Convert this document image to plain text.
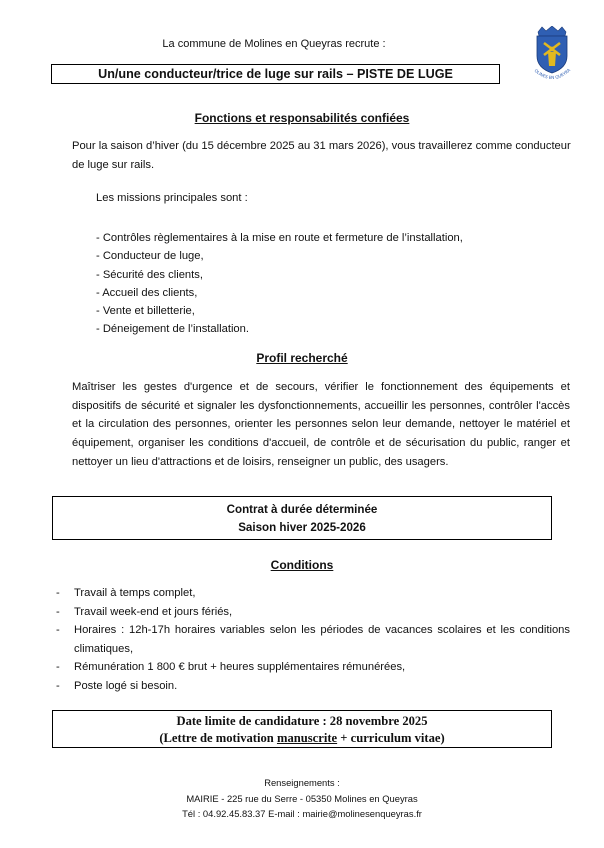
La commune de Molines en Queyras recrute :
Un/une conducteur/trice de luge sur rails – PISTE DE LUGE	OLINES EN QUEYRA
Fonctions et responsabilités confiées
Pour la saison d’hiver (du 15 décembre 2025 au 31 mars 2026), vous travaillerez comme conducteur de luge sur rails.
Les missions principales sont :
- Contrôles règlementaires à la mise en route et fermeture de l’installation,
- Conducteur de luge,
- Sécurité des clients,
- Accueil des clients,
- Vente et billetterie,
- Déneigement de l’installation.
Profil recherché
Maîtriser les gestes d'urgence et de secours, vérifier le fonctionnement des équipements et dispositifs de sécurité et signaler les dysfonctionnements, accueillir les personnes, contrôler l'accès et la circulation des personnes, orienter les personnes selon leur demande, nettoyer le matériel et équipement, organiser les conditions d'accueil, de contrôle et de sécurisation du public, ranger et nettoyer un lieu d'attractions et de loisirs, renseigner un public, des usagers.
Contrat à durée déterminée
Saison hiver 2025-2026
Conditions
- Travail à temps complet,
- Travail week-end et jours fériés,
- Horaires : 12h-17h horaires variables selon les périodes de vacances scolaires et les conditions climatiques,
- Rémunération 1 800 € brut + heures supplémentaires rémunérées,
- Poste logé si besoin.
Date limite de candidature : 28 novembre 2025
(Lettre de motivation manuscrite + curriculum vitae)
Renseignements :
MAIRIE - 225 rue du Serre - 05350 Molines en Queyras
Tél : 04.92.45.83.37 E-mail : mairie@molinesenqueyras.fr
